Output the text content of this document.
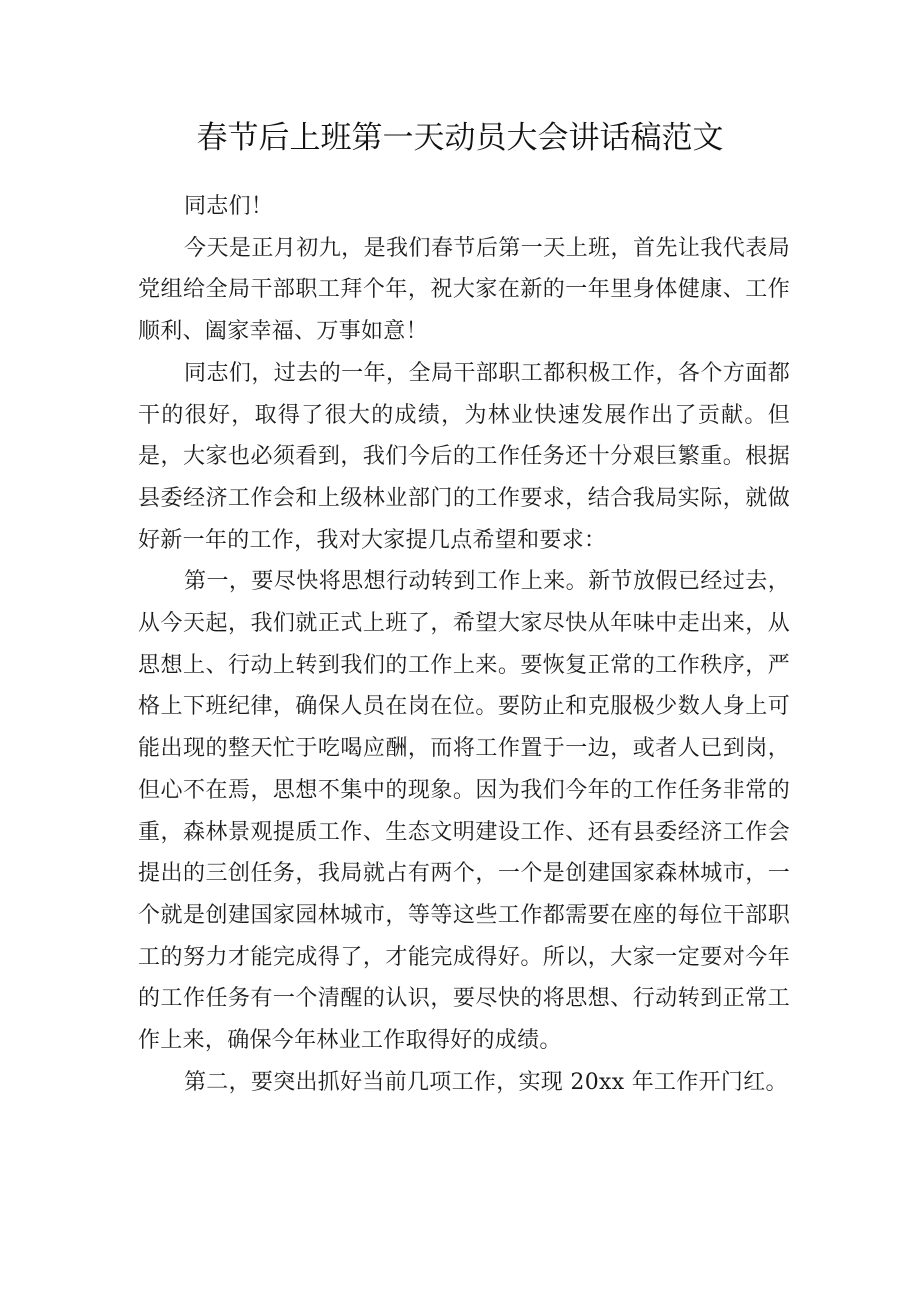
春节后上班第一天动员大会讲话稿范文

同志们！

今天是正月初九，是我们春节后第一天上班，首先让我代表局党组给全局干部职工拜个年，祝大家在新的一年里身体健康、工作顺利、阖家幸福、万事如意！

同志们，过去的一年，全局干部职工都积极工作，各个方面都干的很好，取得了很大的成绩，为林业快速发展作出了贡献。但是，大家也必须看到，我们今后的工作任务还十分艰巨繁重。根据县委经济工作会和上级林业部门的工作要求，结合我局实际，就做好新一年的工作，我对大家提几点希望和要求：

第一，要尽快将思想行动转到工作上来。新节放假已经过去，从今天起，我们就正式上班了，希望大家尽快从年味中走出来，从思想上、行动上转到我们的工作上来。要恢复正常的工作秩序，严格上下班纪律，确保人员在岗在位。要防止和克服极少数人身上可能出现的整天忙于吃喝应酬，而将工作置于一边，或者人已到岗，但心不在焉，思想不集中的现象。因为我们今年的工作任务非常的重，森林景观提质工作、生态文明建设工作、还有县委经济工作会提出的三创任务，我局就占有两个，一个是创建国家森林城市，一个就是创建国家园林城市，等等这些工作都需要在座的每位干部职工的努力才能完成得了，才能完成得好。所以，大家一定要对今年的工作任务有一个清醒的认识，要尽快的将思想、行动转到正常工作上来，确保今年林业工作取得好的成绩。

第二，要突出抓好当前几项工作，实现 20xx 年工作开门红。
